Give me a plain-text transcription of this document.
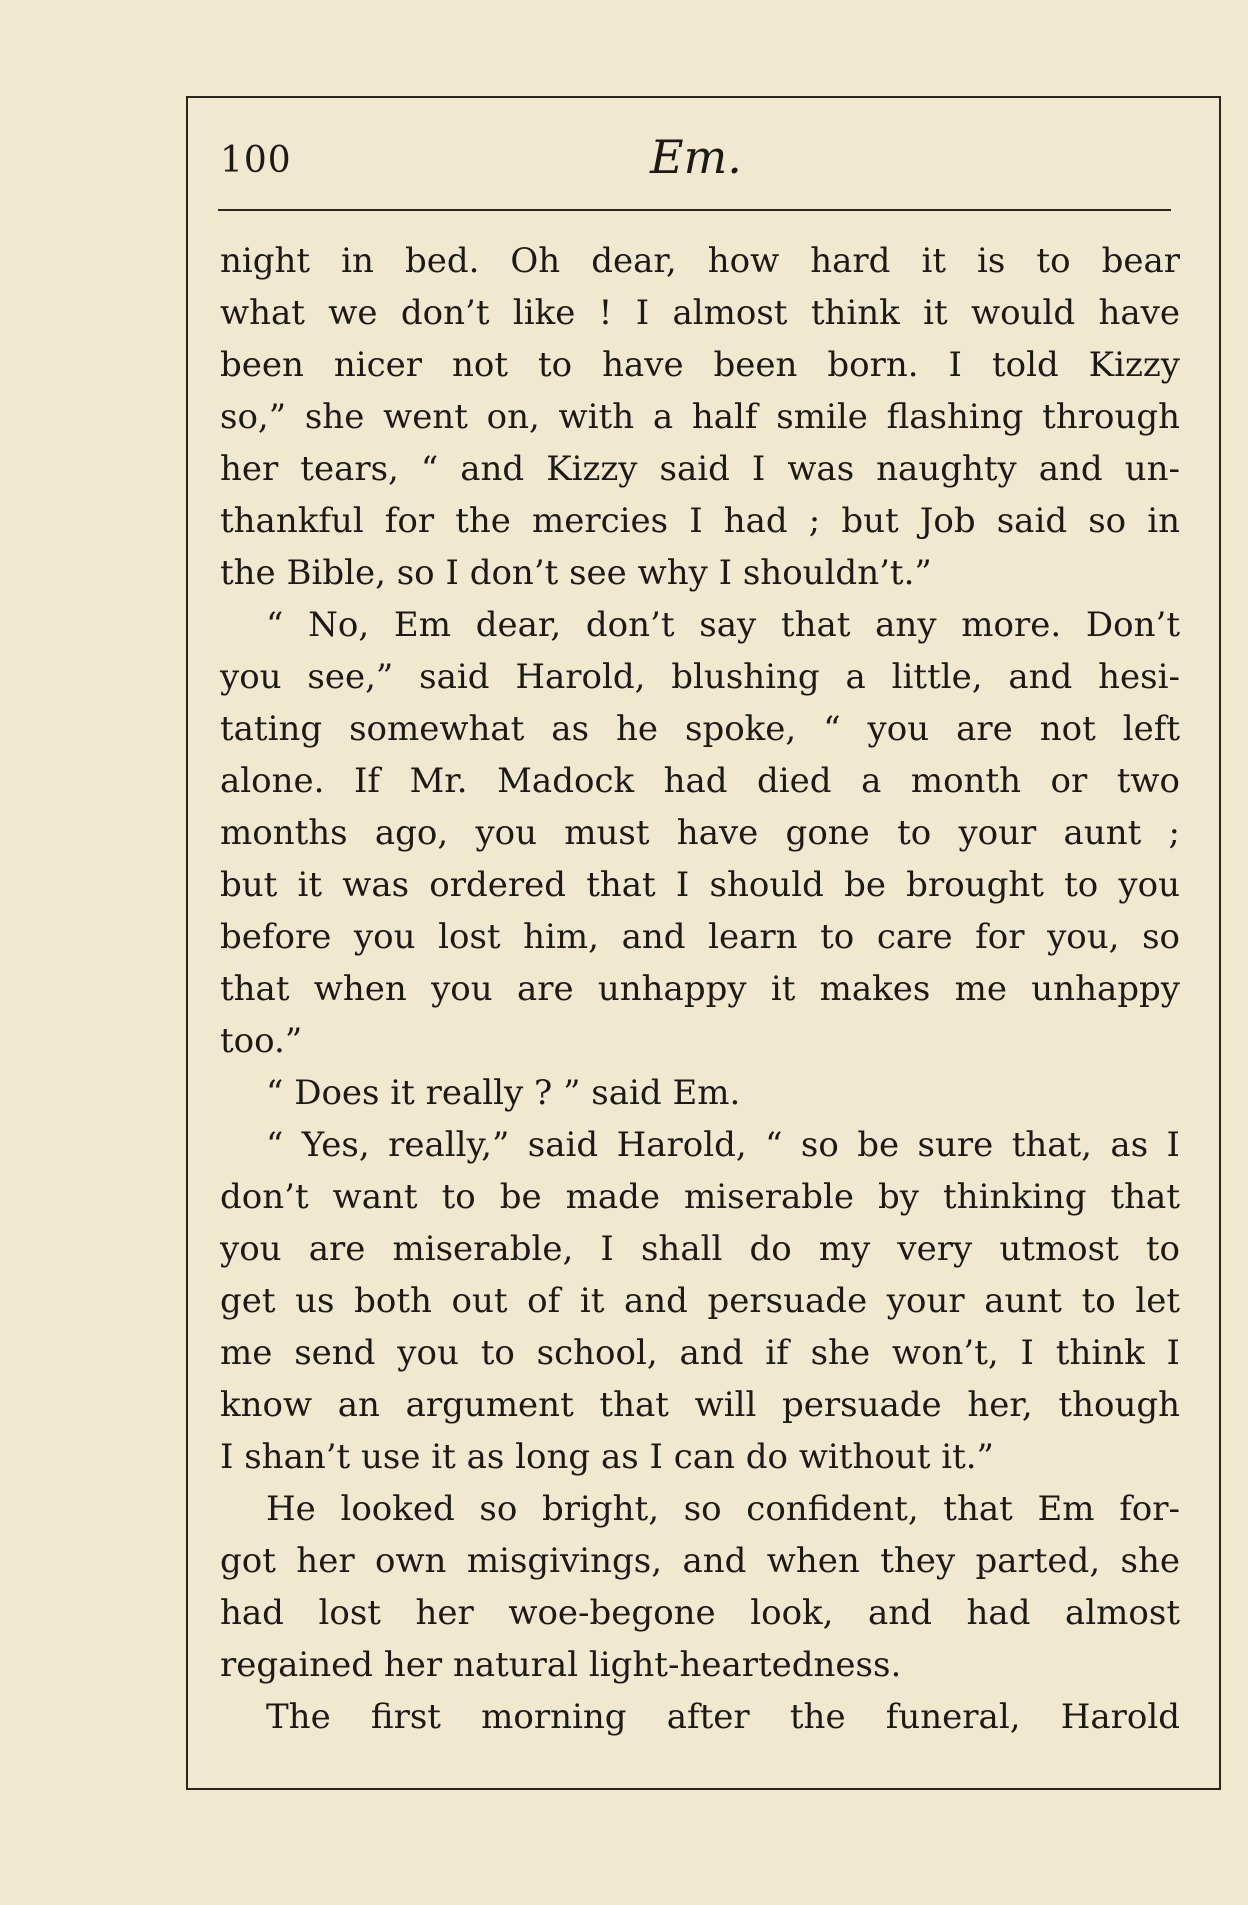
100	Em.
night in bed. Oh dear, how hard it is to bear
what we don’t like ! I almost think it would have
been nicer not to have been born. I told Kizzy
so,” she went on, with a half smile flashing through
her tears, “ and Kizzy said I was naughty and un-
thankful for the mercies I had ; but Job said so in
the Bible, so I don’t see why I shouldn’t.”
“ No, Em dear, don’t say that any more. Don’t
you see,” said Harold, blushing a little, and hesi-
tating somewhat as he spoke, “ you are not left
alone. If Mr. Madock had died a month or two
months ago, you must have gone to your aunt ;
but it was ordered that I should be brought to you
before you lost him, and learn to care for you, so
that when you are unhappy it makes me unhappy
too.”
“ Does it really ? ” said Em.
“ Yes, really,” said Harold, “ so be sure that, as I
don’t want to be made miserable by thinking that
you are miserable, I shall do my very utmost to
get us both out of it and persuade your aunt to let
me send you to school, and if she won’t, I think I
know an argument that will persuade her, though
I shan’t use it as long as I can do without it.”
He looked so bright, so confident, that Em for-
got her own misgivings, and when they parted, she
had lost her woe-begone look, and had almost
regained her natural light-heartedness.
The first morning after the funeral, Harold
